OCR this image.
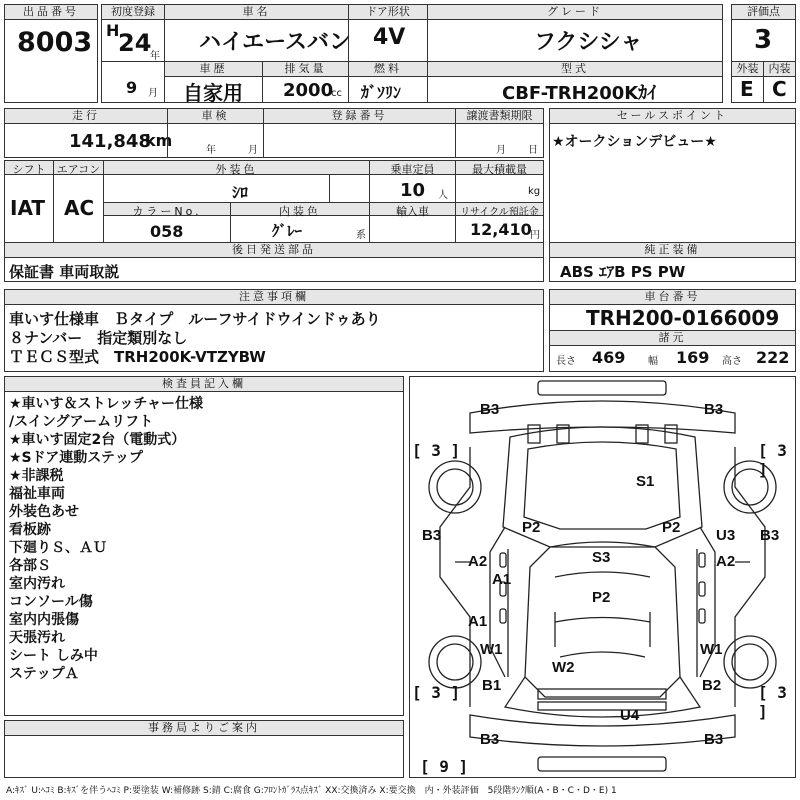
出品番号
8003
初度登録
H
24
年
9 月
車名
ハイエースバン
ドア形状
4V
グレード
フクシシャ
評価点
3
車歴
自家用
排気量
2000
cc
燃料
ｶﾞｿﾘﾝ
型式
CBF-TRH200Kｶｲ
外装
E
内装
C
走行
141,848
km
車検
年	月
登録番号	譲渡書類期限
月 日
セールスポイント
★オークションデビュー★
シフト
IAT
エアコン
AC
外装色
ｼﾛ
乗車定員
10 人
最大積載量
kg
カラーNo.
058
内装色
ｸﾞﾚｰ	系
輸入車	リサイクル預託金
12,410
円
後日発送部品
保証書 車両取説
純正装備
ABS ｴｱB PS PW
注意事項欄
車いす仕様車　Ｂタイプ　ルーフサイドウインドゥあり
８ナンバー　指定類別なし
ＴＥＣＳ型式　TRH200K-VTZYBW
車台番号
TRH200-0166009
諸元
長さ 469 幅 169 高さ 222
検査員記入欄
★車いす＆ストレッチャー仕様
/スイングアームリフト
★車いす固定2台（電動式）
★Sドア連動ステップ
★非課税
福祉車両
外装色あせ
看板跡
下廻りＳ、ＡＵ
各部Ｓ
室内汚れ
コンソール傷
室内内張傷
天張汚れ
シート しみ中
ステップＡ
事務局よりご案内
[ 3 ]	[ 3 ]
[ 3 ]	[ 3 ]
[ 9 ]
B3	B3
S1
P2	P2 U3
B3	B3
A2	A2
A1
S3
P2
A1
W1	W1
W2
B1	B2
U4
B3	B3
A:ｷｽﾞ U:ﾍｺﾐ B:ｷｽﾞを伴うﾍｺﾐ P:要塗装 W:補修跡 S:錆 C:腐食 G:ﾌﾛﾝﾄｶﾞﾗｽ点ｷｽﾞ XX:交換済み X:要交換　内・外装評価　5段階ﾗﾝｸ順(A・B・C・D・E) 1
